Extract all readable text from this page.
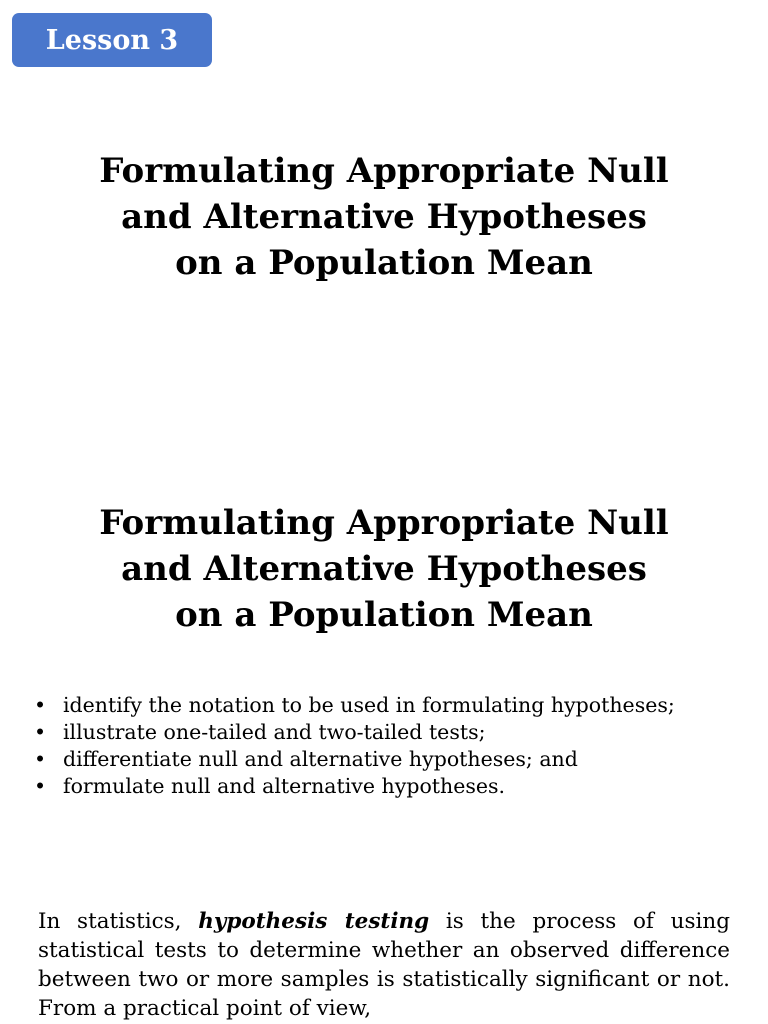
Lesson 3
Formulating Appropriate Null
and Alternative Hypotheses
on a Population Mean
Formulating Appropriate Null
and Alternative Hypotheses
on a Population Mean
• identify the notation to be used in formulating hypotheses;
• illustrate one-tailed and two-tailed tests;
• differentiate null and alternative hypotheses; and
• formulate null and alternative hypotheses.

In statistics, hypothesis testing is the process of using statistical tests to determine whether an observed difference between two or more samples is statistically significant or not. From a practical point of view,
